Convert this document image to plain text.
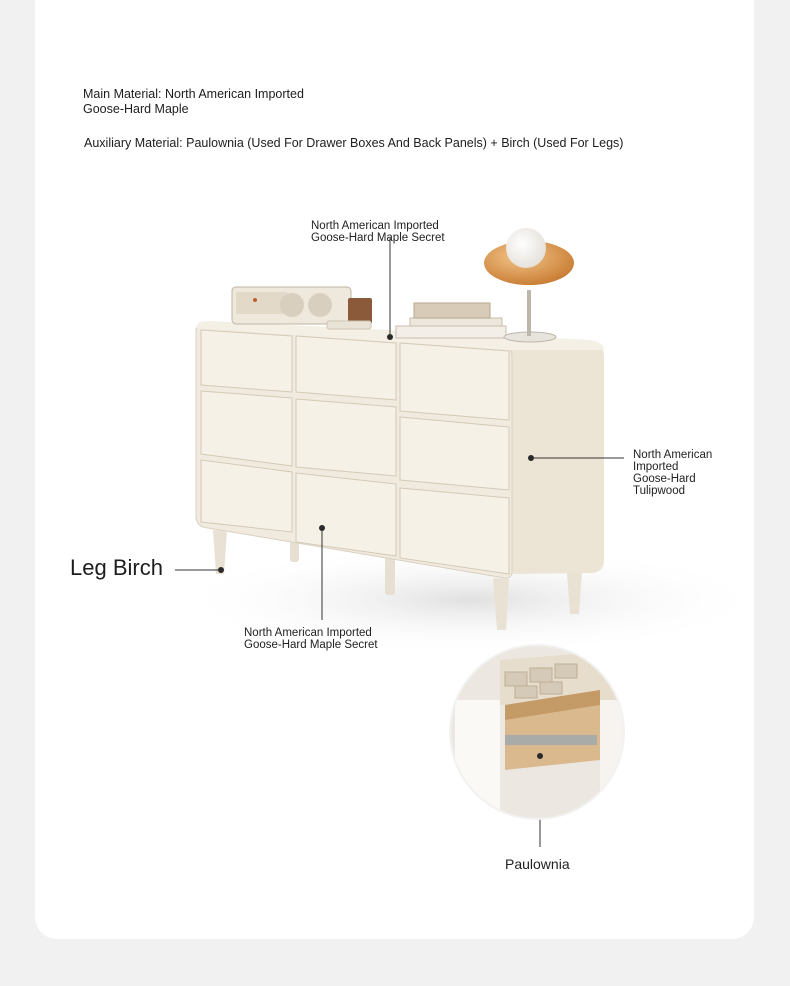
Main Material: North American Imported
Goose-Hard Maple
Auxiliary Material: Paulownia (Used For Drawer Boxes And Back Panels) + Birch (Used For Legs)
North American Imported
Goose-Hard Maple Secret
North American
Imported
Goose-Hard
Tulipwood
North American Imported
Goose-Hard Maple Secret
Leg Birch
Paulownia
